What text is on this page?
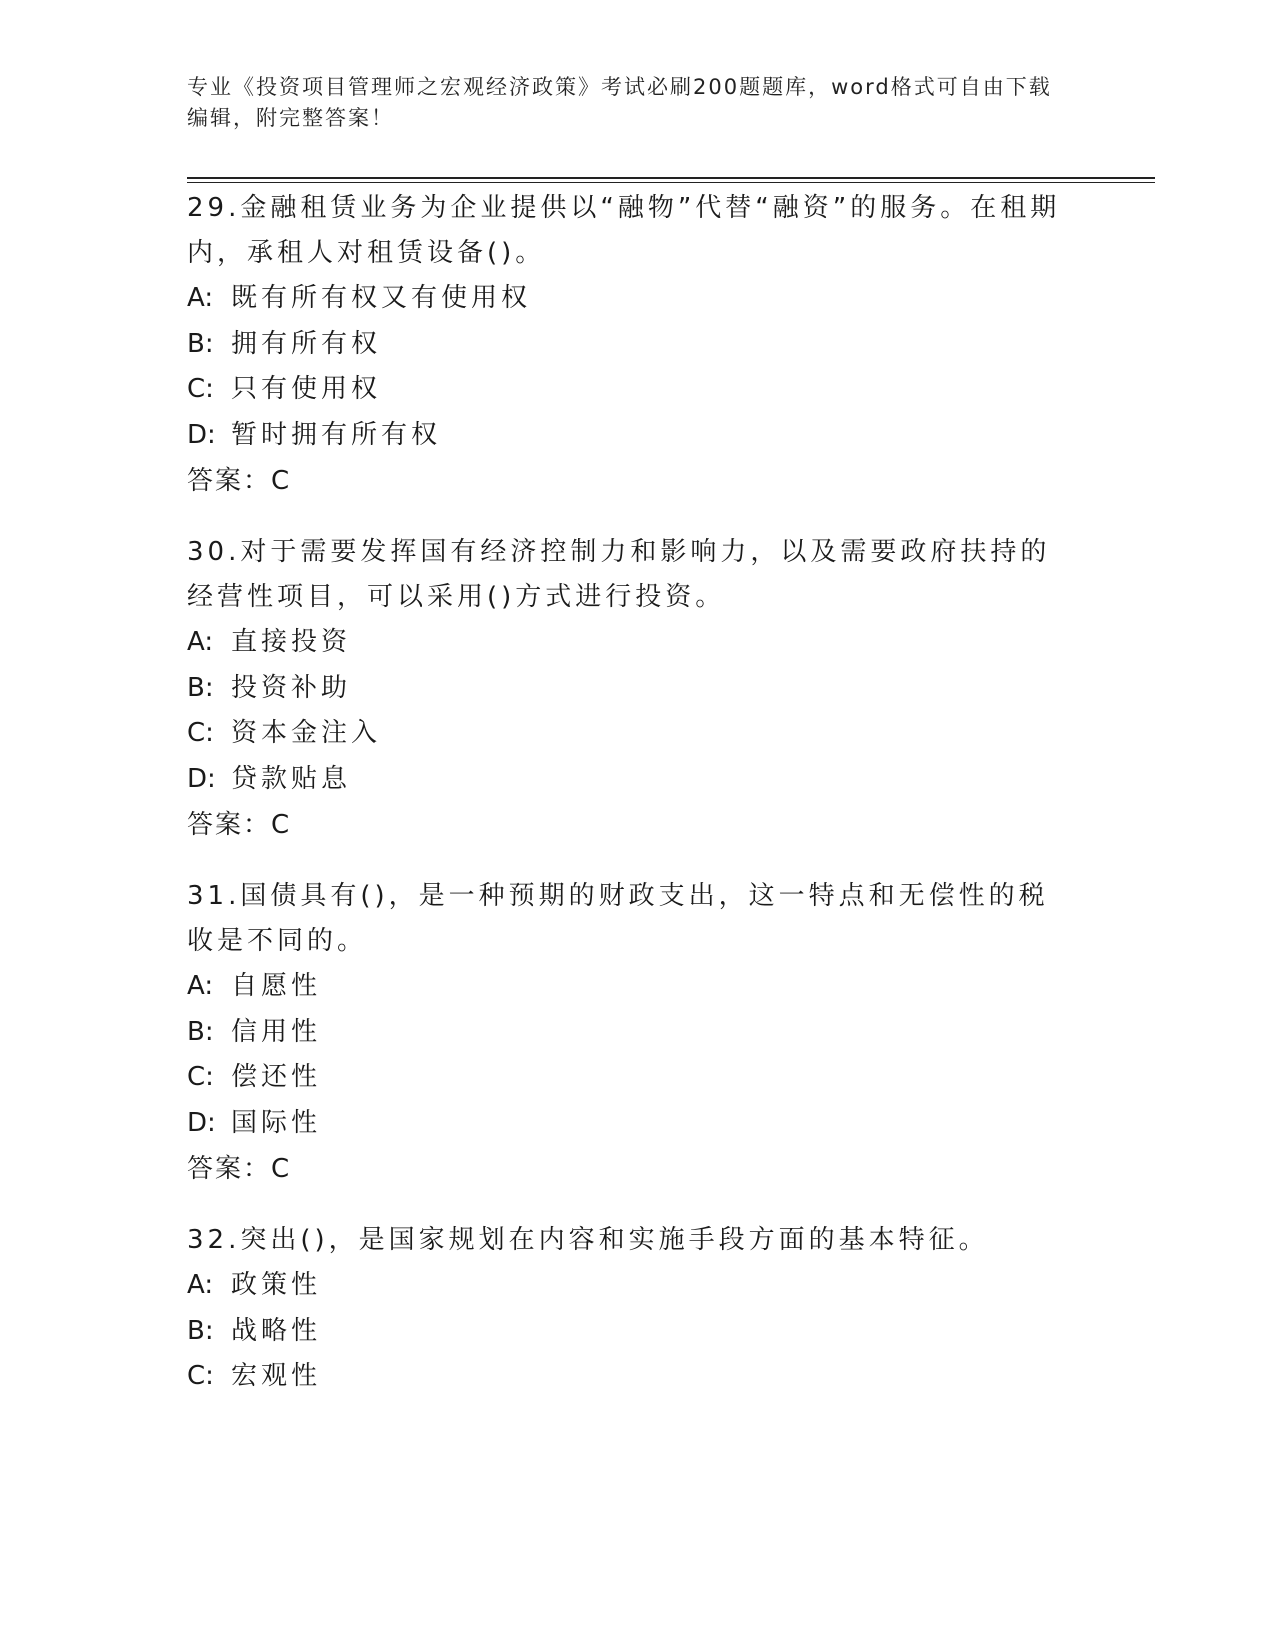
专业《投资项目管理师之宏观经济政策》考试必刷200题题库，word格式可自由下载编辑，附完整答案！

29.金融租赁业务为企业提供以“融物”代替“融资”的服务。在租期内，承租人对租赁设备()。

A: 既有所有权又有使用权

B: 拥有所有权

C: 只有使用权

D: 暂时拥有所有权

答案：C

30.对于需要发挥国有经济控制力和影响力，以及需要政府扶持的经营性项目，可以采用()方式进行投资。

A: 直接投资

B: 投资补助

C: 资本金注入

D: 贷款贴息

答案：C

31.国债具有()，是一种预期的财政支出，这一特点和无偿性的税收是不同的。

A: 自愿性

B: 信用性

C: 偿还性

D: 国际性

答案：C

32.突出()，是国家规划在内容和实施手段方面的基本特征。

A: 政策性

B: 战略性

C: 宏观性
